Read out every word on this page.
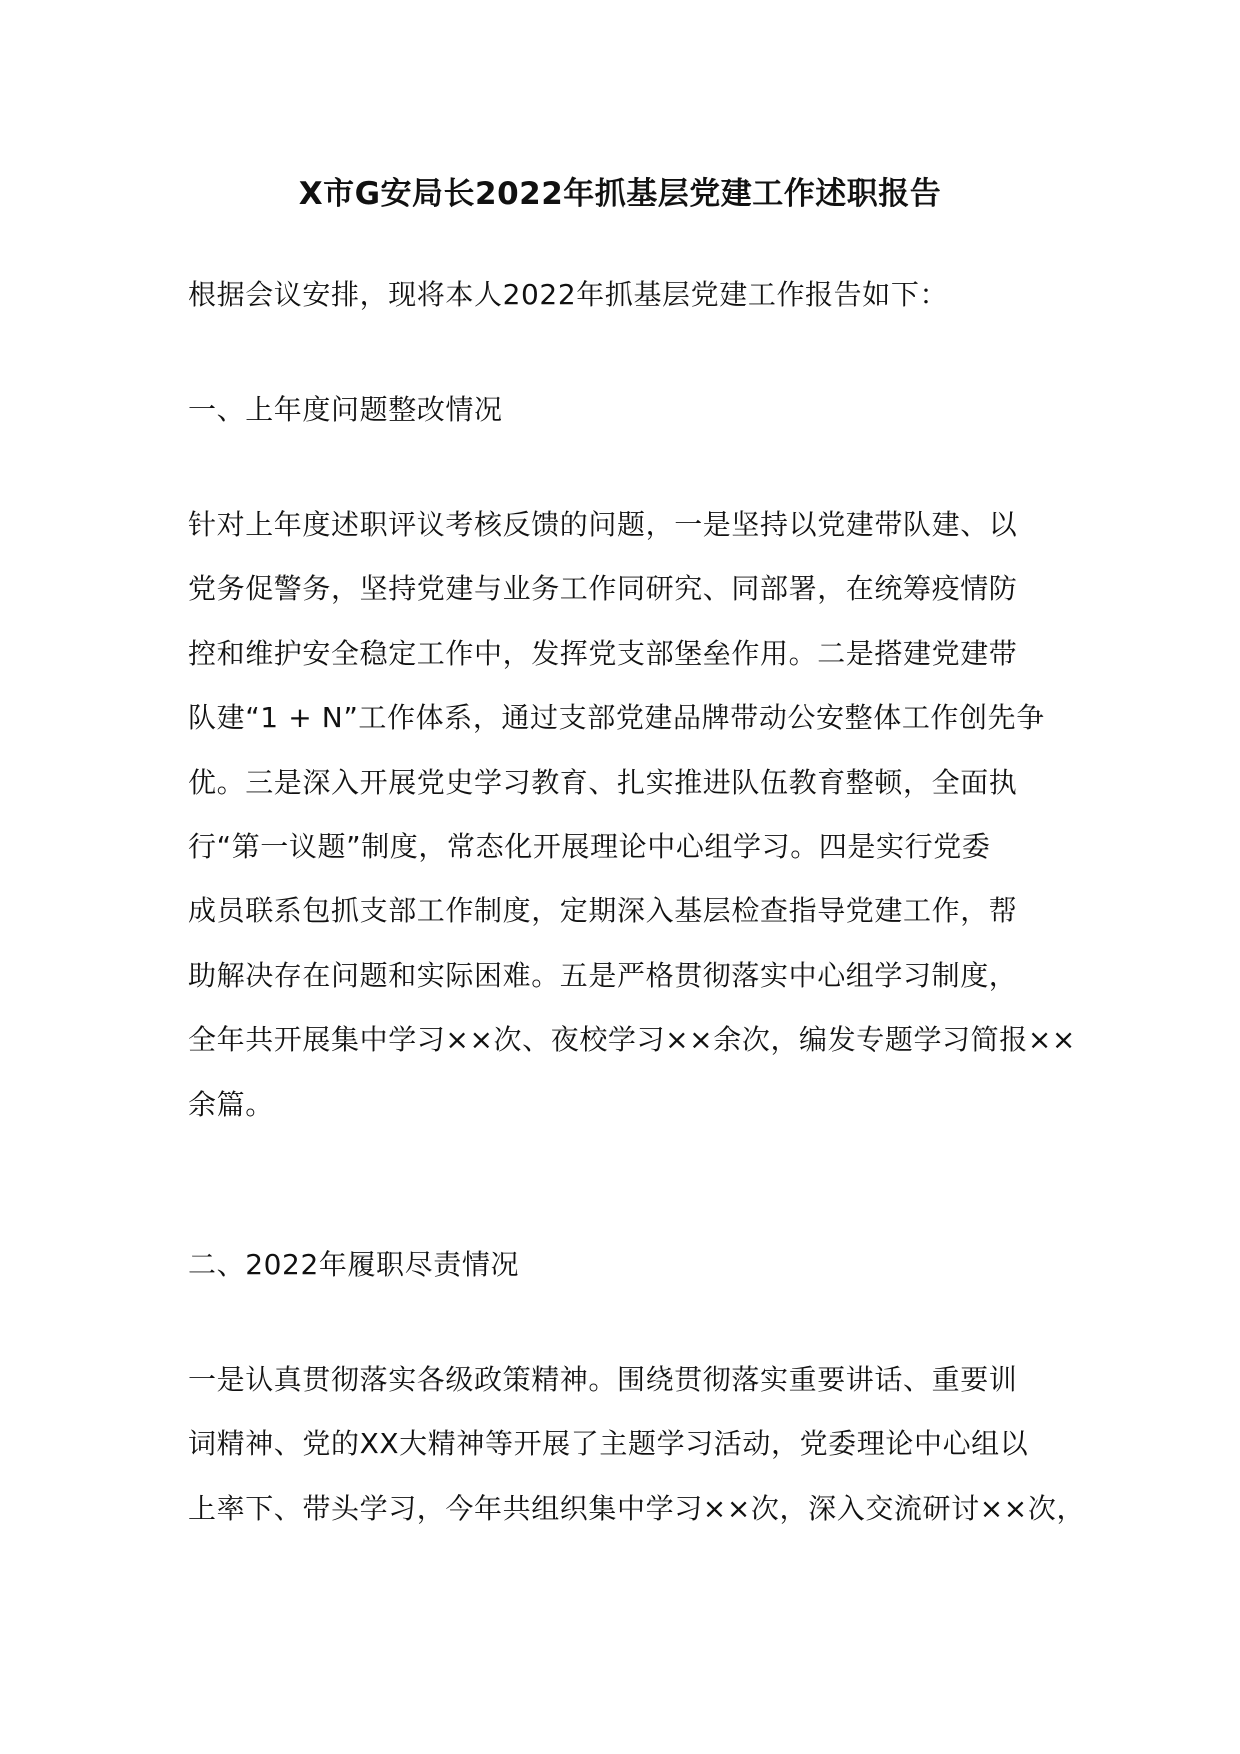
X市G安局长2022年抓基层党建工作述职报告

根据会议安排，现将本人2022年抓基层党建工作报告如下：

一、上年度问题整改情况

针对上年度述职评议考核反馈的问题，一是坚持以党建带队建、以
党务促警务，坚持党建与业务工作同研究、同部署，在统筹疫情防
控和维护安全稳定工作中，发挥党支部堡垒作用。二是搭建党建带
队建“1 + N”工作体系，通过支部党建品牌带动公安整体工作创先争
优。三是深入开展党史学习教育、扎实推进队伍教育整顿，全面执
行“第一议题”制度，常态化开展理论中心组学习。四是实行党委
成员联系包抓支部工作制度，定期深入基层检查指导党建工作，帮
助解决存在问题和实际困难。五是严格贯彻落实中心组学习制度，
全年共开展集中学习××次、夜校学习××余次，编发专题学习简报××
余篇。

二、2022年履职尽责情况

一是认真贯彻落实各级政策精神。围绕贯彻落实重要讲话、重要训
词精神、党的XX大精神等开展了主题学习活动，党委理论中心组以
上率下、带头学习，今年共组织集中学习××次，深入交流研讨××次，
